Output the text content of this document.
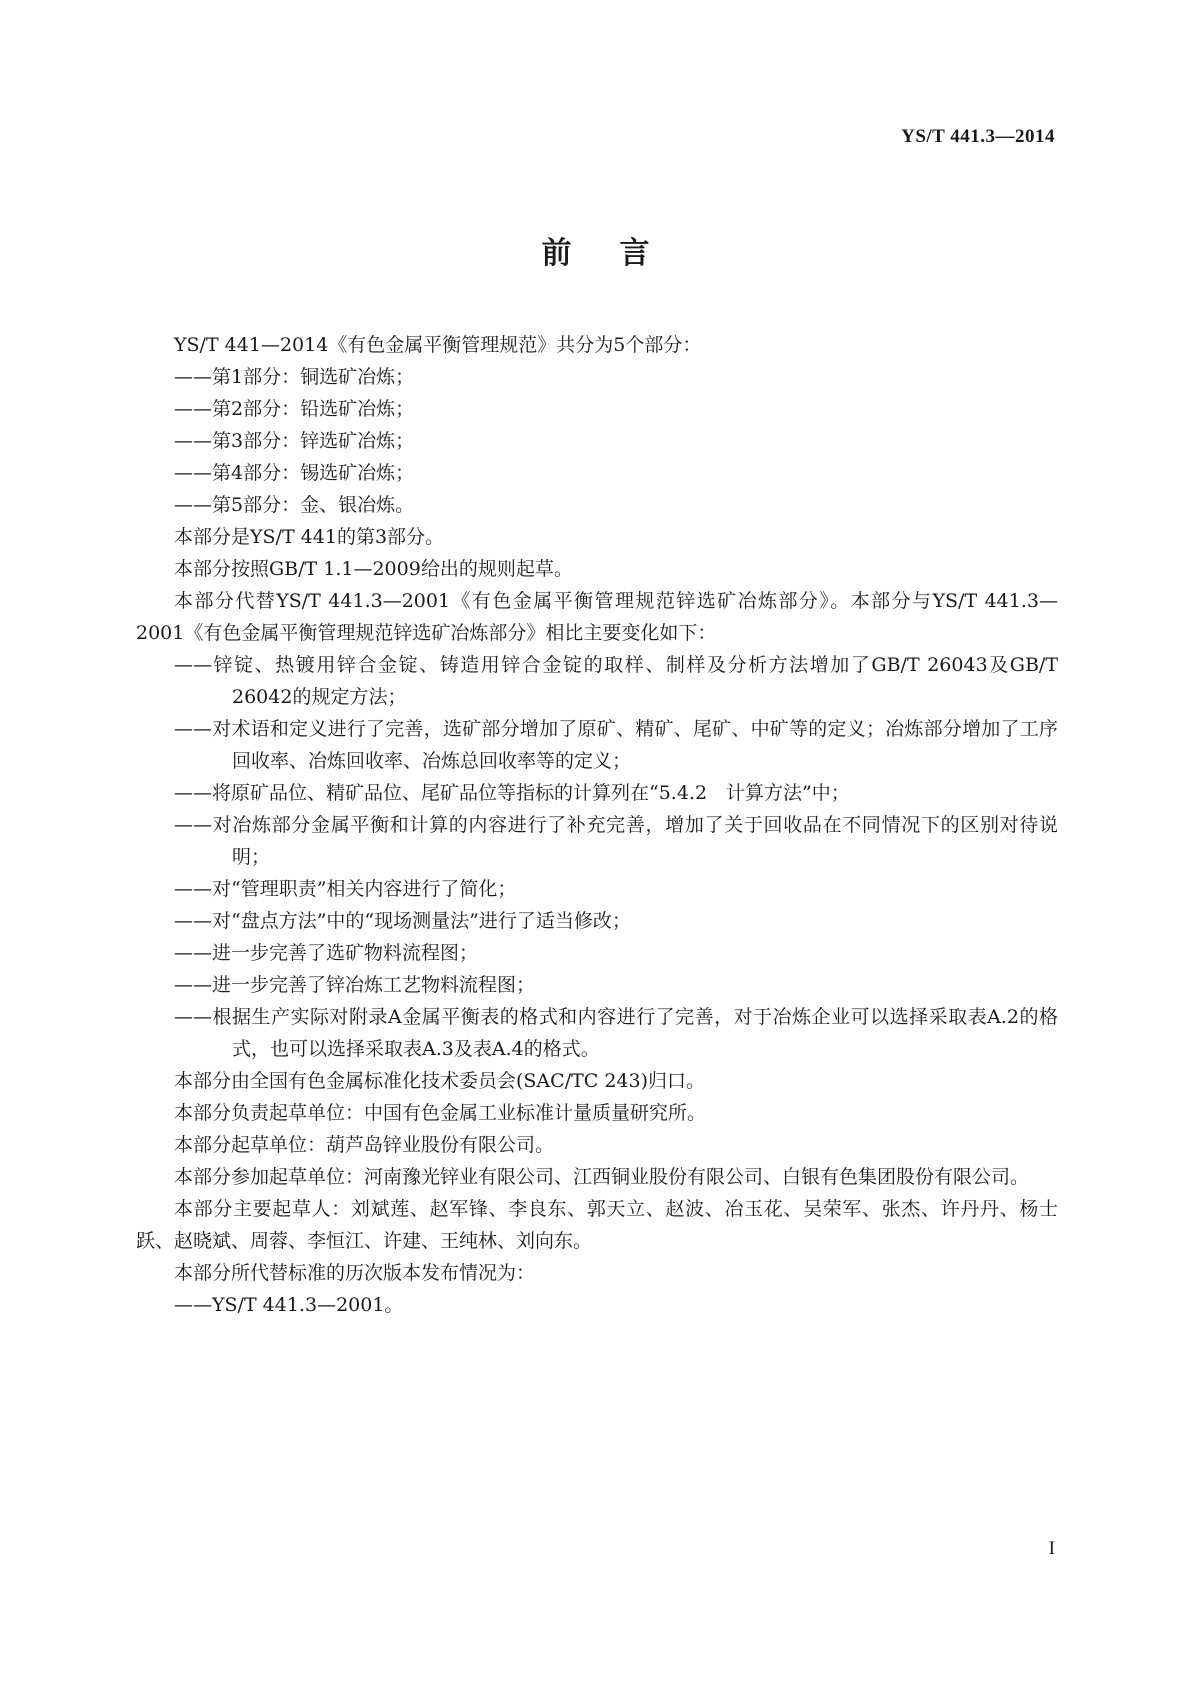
YS/T 441.3—2014
前言

YS/T 441—2014《有色金属平衡管理规范》共分为5个部分：

——第1部分：铜选矿冶炼；

——第2部分：铅选矿冶炼；

——第3部分：锌选矿冶炼；

——第4部分：锡选矿冶炼；

——第5部分：金、银冶炼。

本部分是YS/T 441的第3部分。

本部分按照GB/T 1.1—2009给出的规则起草。

本部分代替YS/T 441.3—2001《有色金属平衡管理规范锌选矿冶炼部分》。本部分与YS/T 441.3—2001《有色金属平衡管理规范锌选矿冶炼部分》相比主要变化如下：

——锌锭、热镀用锌合金锭、铸造用锌合金锭的取样、制样及分析方法增加了GB/T 26043及GB/T 26042的规定方法；

——对术语和定义进行了完善，选矿部分增加了原矿、精矿、尾矿、中矿等的定义；冶炼部分增加了工序回收率、冶炼回收率、冶炼总回收率等的定义；

——将原矿品位、精矿品位、尾矿品位等指标的计算列在“5.4.2　计算方法”中；

——对冶炼部分金属平衡和计算的内容进行了补充完善，增加了关于回收品在不同情况下的区别对待说明；

——对“管理职责”相关内容进行了简化；

——对“盘点方法”中的“现场测量法”进行了适当修改；

——进一步完善了选矿物料流程图；

——进一步完善了锌冶炼工艺物料流程图；

——根据生产实际对附录A金属平衡表的格式和内容进行了完善，对于冶炼企业可以选择采取表A.2的格式，也可以选择采取表A.3及表A.4的格式。

本部分由全国有色金属标准化技术委员会(SAC/TC 243)归口。

本部分负责起草单位：中国有色金属工业标准计量质量研究所。

本部分起草单位：葫芦岛锌业股份有限公司。

本部分参加起草单位：河南豫光锌业有限公司、江西铜业股份有限公司、白银有色集团股份有限公司。

本部分主要起草人：刘斌莲、赵军锋、李良东、郭天立、赵波、冶玉花、吴荣军、张杰、许丹丹、杨士跃、赵晓斌、周蓉、李恒江、许建、王纯林、刘向东。

本部分所代替标准的历次版本发布情况为：

——YS/T 441.3—2001。

I
